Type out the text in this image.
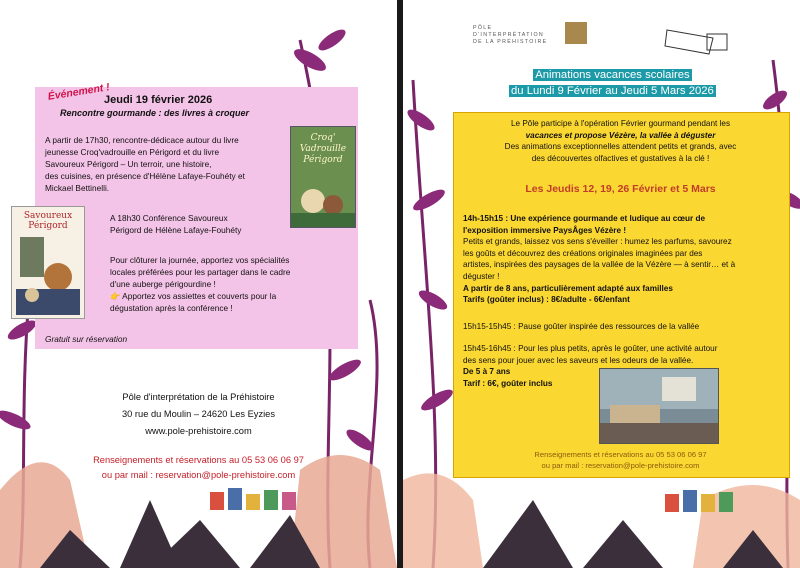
Événement !
Jeudi 19 février 2026
Rencontre gourmande : des livres à croquer
A partir de 17h30, rencontre-dédicace autour du livre
jeunesse Croq'vadrouille en Périgord et du livre
Savoureux Périgord – Un terroir, une histoire,
des cuisines, en présence d'Hélène Lafaye-Fouhéty et
Mickael Bettinelli.
Croq' Vadrouille Périgord
A 18h30 Conférence Savoureux
Périgord de Hélène Lafaye-Fouhéty
Savoureux Périgord
Pour clôturer la journée, apportez vos spécialités
locales préférées pour les partager dans le cadre
d'une auberge périgourdine !
👉 Apportez vos assiettes et couverts pour la
dégustation après la conférence !
Gratuit sur réservation
Pôle d'interprétation de la Préhistoire
30 rue du Moulin – 24620 Les Eyzies
www.pole-prehistoire.com
Renseignements et réservations au 05 53 06 06 97
ou par mail : reservation@pole-prehistoire.com
PÔLE
D'INTERPRÉTATION
DE LA PRÉHISTOIRE
Animations vacances scolaires
du Lundi 9 Février au Jeudi 5 Mars 2026
Le Pôle participe à l'opération Février gourmand pendant les
vacances et propose Vézère, la vallée à déguster
Des animations exceptionnelles attendent petits et grands, avec
des découvertes olfactives et gustatives à la clé !
Les Jeudis 12, 19, 26 Février et 5 Mars
14h-15h15 : Une expérience gourmande et ludique au cœur de
l'exposition immersive PaysÂges Vézère !
Petits et grands, laissez vos sens s'éveiller : humez les parfums, savourez
les goûts et découvrez des créations originales imaginées par des
artistes, inspirées des paysages de la vallée de la Vézère — à sentir… et à
déguster !
A partir de 8 ans, particulièrement adapté aux familles
Tarifs (goûter inclus) : 8€/adulte - 6€/enfant
15h15-15h45 : Pause goûter inspirée des ressources de la vallée
15h45-16h45 : Pour les plus petits, après le goûter, une activité autour
des sens pour jouer avec les saveurs et les odeurs de la vallée.
De 5 à 7 ans
Tarif : 6€, goûter inclus
Renseignements et réservations au 05 53 06 06 97
ou par mail : reservation@pole-prehistoire.com
